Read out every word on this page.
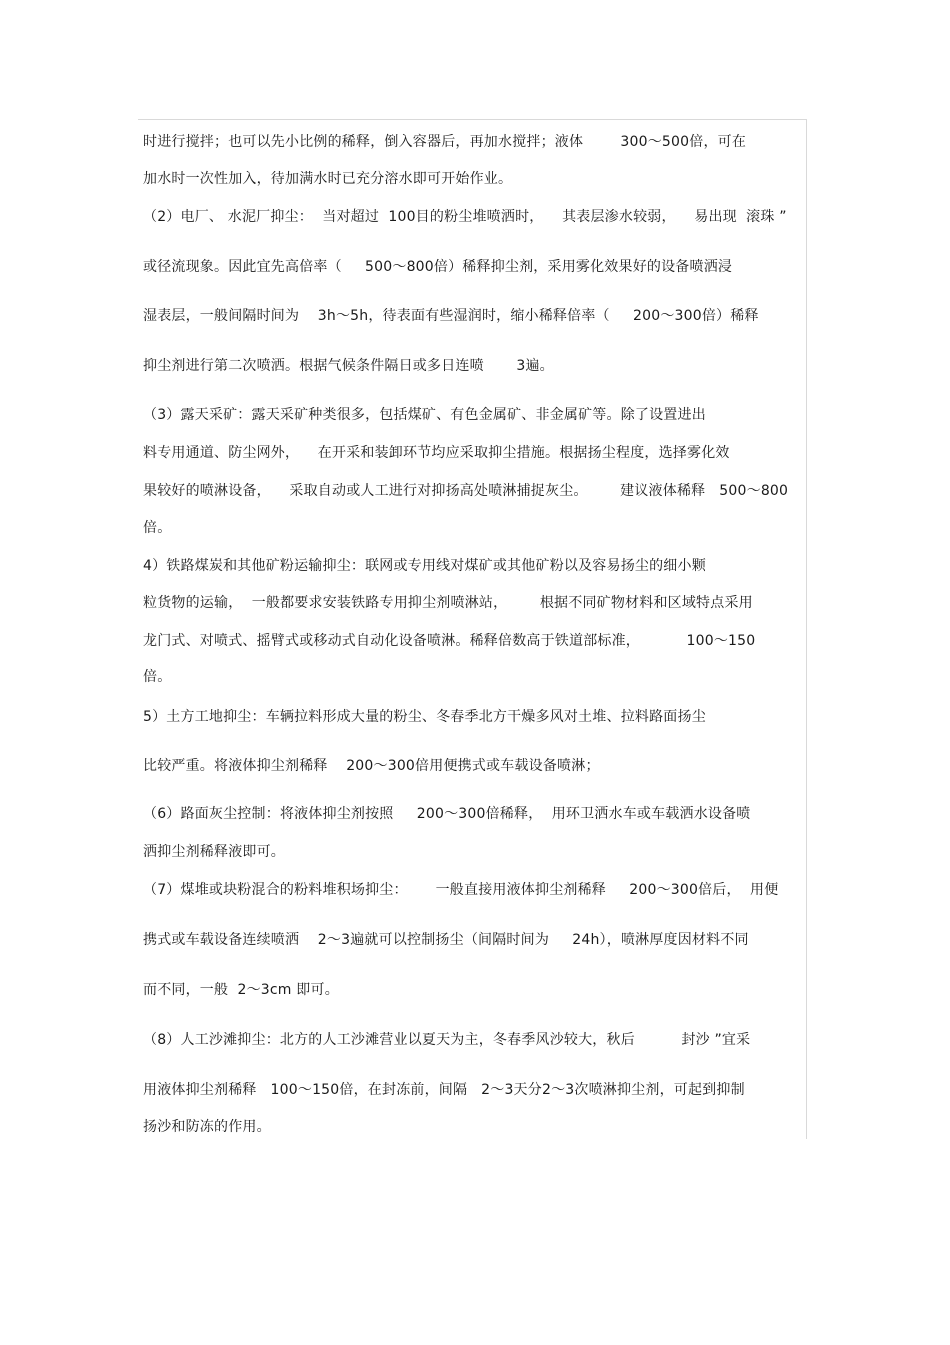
时进行搅拌；也可以先小比例的稀释，倒入容器后，再加水搅拌；液体        300～500倍，可在
加水时一次性加入，待加满水时已充分溶水即可开始作业。
（2）电厂、 水泥厂抑尘：  当对超过  100目的粉尘堆喷洒时，    其表层渗水较弱，    易出现  滚珠 ”
或径流现象。因此宜先高倍率（     500～800倍）稀释抑尘剂，采用雾化效果好的设备喷洒浸
湿表层，一般间隔时间为    3h～5h，待表面有些湿润时，缩小稀释倍率（     200～300倍）稀释
抑尘剂进行第二次喷洒。根据气候条件隔日或多日连喷       3遍。
（3）露天采矿：露天采矿种类很多，包括煤矿、有色金属矿、非金属矿等。除了设置进出
料专用通道、防尘网外，    在开采和装卸环节均应采取抑尘措施。根据扬尘程度，选择雾化效
果较好的喷淋设备，    采取自动或人工进行对抑扬高处喷淋捕捉灰尘。       建议液体稀释   500～800
倍。
4）铁路煤炭和其他矿粉运输抑尘：联网或专用线对煤矿或其他矿粉以及容易扬尘的细小颗
粒货物的运输，  一般都要求安装铁路专用抑尘剂喷淋站，       根据不同矿物材料和区域特点采用
龙门式、对喷式、摇臂式或移动式自动化设备喷淋。稀释倍数高于铁道部标准，          100～150
倍。
5）土方工地抑尘：车辆拉料形成大量的粉尘、冬春季北方干燥多风对土堆、拉料路面扬尘
比较严重。将液体抑尘剂稀释    200～300倍用便携式或车载设备喷淋；
（6）路面灰尘控制：将液体抑尘剂按照     200～300倍稀释，  用环卫洒水车或车载洒水设备喷
洒抑尘剂稀释液即可。
（7）煤堆或块粉混合的粉料堆积场抑尘：      一般直接用液体抑尘剂稀释     200～300倍后，  用便
携式或车载设备连续喷洒    2～3遍就可以控制扬尘（间隔时间为     24h），喷淋厚度因材料不同
而不同，一般  2～3cm 即可。
（8）人工沙滩抑尘：北方的人工沙滩营业以夏天为主，冬春季风沙较大，秋后          封沙 ”宜采
用液体抑尘剂稀释   100～150倍，在封冻前，间隔   2～3天分2～3次喷淋抑尘剂，可起到抑制
扬沙和防冻的作用。
